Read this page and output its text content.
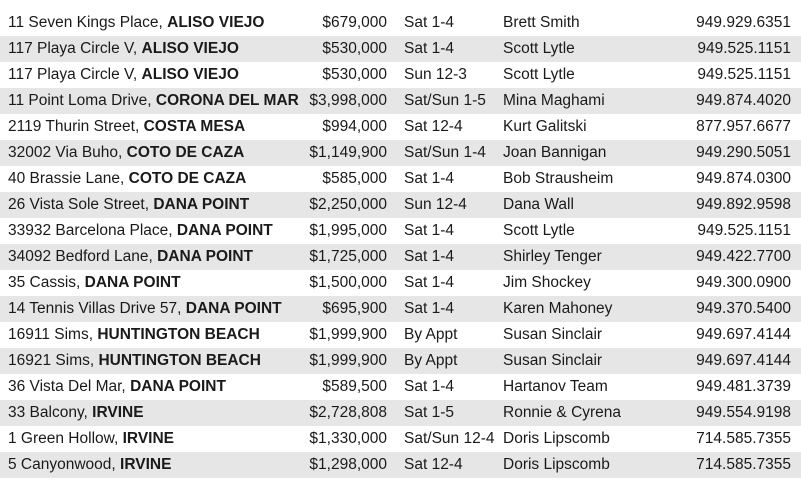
11 Seven Kings Place, ALISO VIEJO	$679,000 Sat 1-4	Brett Smith	949.929.6351
117 Playa Circle V, ALISO VIEJO	$530,000 Sat 1-4	Scott Lytle	949.525.1151
117 Playa Circle V, ALISO VIEJO	$530,000 Sun 12-3 Scott Lytle	949.525.1151
11 Point Loma Drive, CORONA DEL MAR $3,998,000 Sat/Sun 1-5 Mina Maghami	949.874.4020
2119 Thurin Street, COSTA MESA	$994,000 Sat 12-4	Kurt Galitski	877.957.6677
32002 Via Buho, COTO DE CAZA	$1,149,900 Sat/Sun 1-4 Joan Bannigan	949.290.5051
40 Brassie Lane, COTO DE CAZA	$585,000 Sat 1-4	Bob Strausheim	949.874.0300
26 Vista Sole Street, DANA POINT	$2,250,000 Sun 12-4 Dana Wall	949.892.9598
33932 Barcelona Place, DANA POINT $1,995,000 Sat 1-4	Scott Lytle	949.525.1151
34092 Bedford Lane, DANA POINT	$1,725,000 Sat 1-4	Shirley Tenger	949.422.7700
35 Cassis, DANA POINT	$1,500,000 Sat 1-4	Jim Shockey	949.300.0900
14 Tennis Villas Drive 57, DANA POINT	$695,900 Sat 1-4	Karen Mahoney	949.370.5400
16911 Sims, HUNTINGTON BEACH	$1,999,900 By Appt	Susan Sinclair	949.697.4144
16921 Sims, HUNTINGTON BEACH	$1,999,900 By Appt	Susan Sinclair	949.697.4144
36 Vista Del Mar, DANA POINT	$589,500 Sat 1-4	Hartanov Team	949.481.3739
33 Balcony, IRVINE	$2,728,808 Sat 1-5	Ronnie & Cyrena	949.554.9198
1 Green Hollow, IRVINE	$1,330,000 Sat/Sun 12-4 Doris Lipscomb	714.585.7355
5 Canyonwood, IRVINE	$1,298,000 Sat 12-4	Doris Lipscomb	714.585.7355
